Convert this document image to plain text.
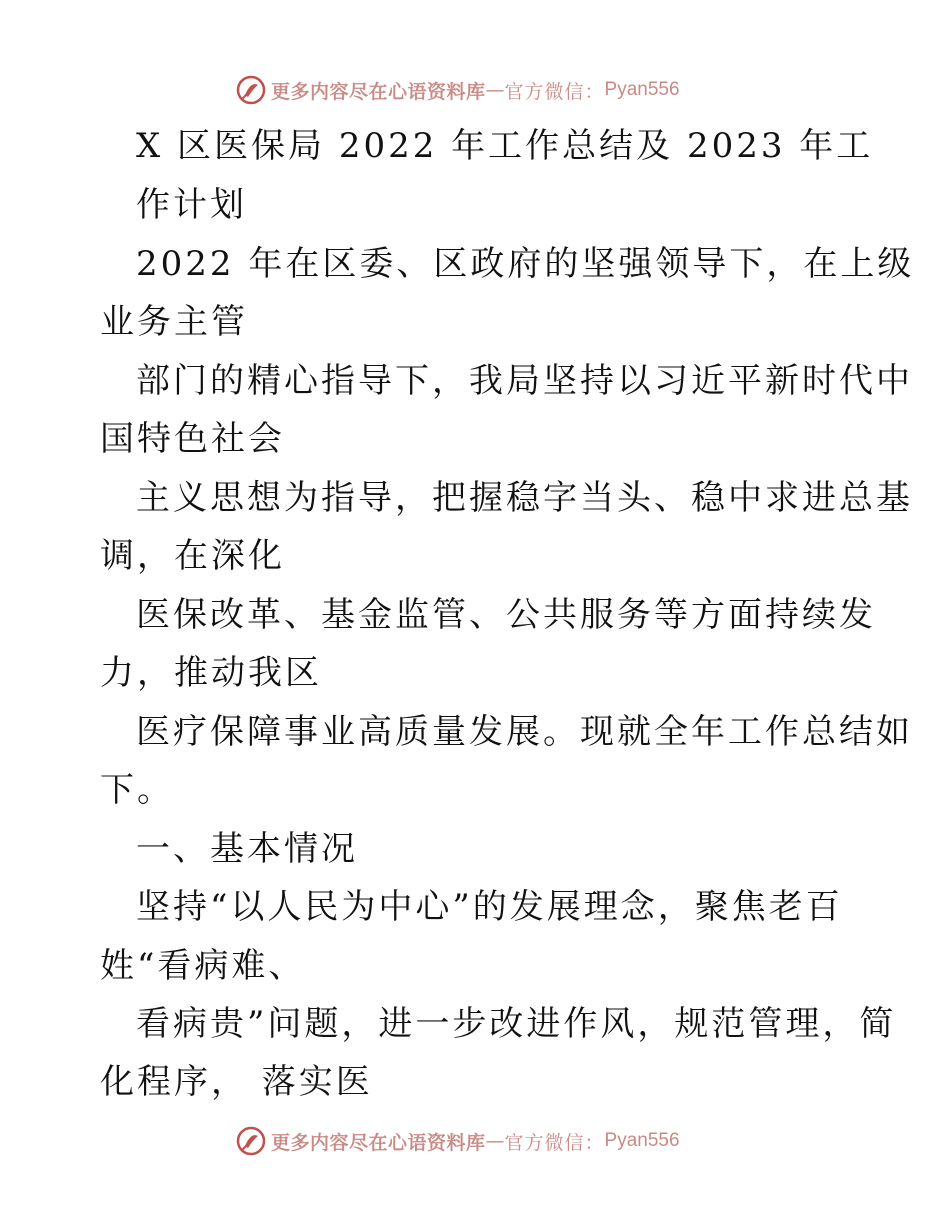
更多内容尽在心语资料库 — 官方微信： Pyan556
X 区医保局 2022 年工作总结及 2023 年工
作计划
2022 年在区委、区政府的坚强领导下，在上级
业务主管
部门的精心指导下，我局坚持以习近平新时代中
国特色社会
主义思想为指导，把握稳字当头、稳中求进总基
调，在深化
医保改革、基金监管、公共服务等方面持续发
力，推动我区
医疗保障事业高质量发展。现就全年工作总结如
下。
一、基本情况
坚持“以人民为中心”的发展理念，聚焦老百
姓“看病难、
看病贵”问题，进一步改进作风，规范管理，简
化程序， 落实医
更多内容尽在心语资料库 — 官方微信： Pyan556
